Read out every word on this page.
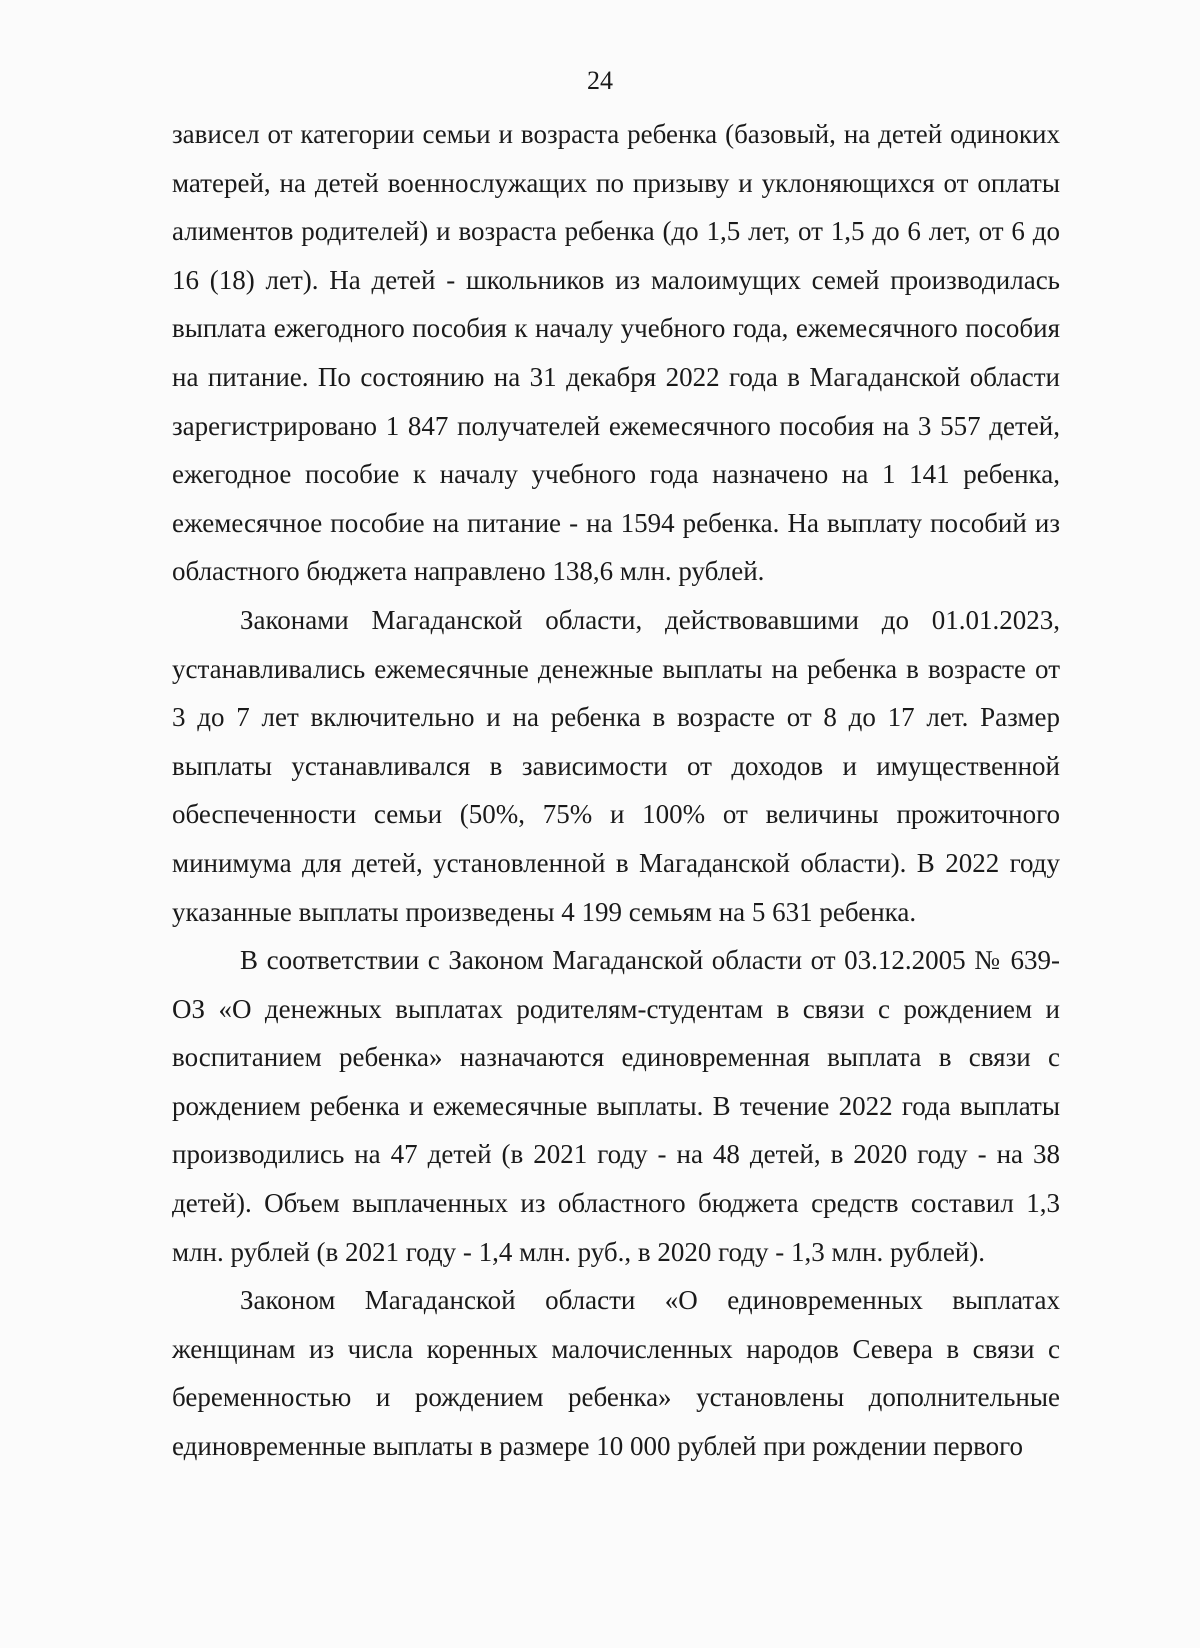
24

зависел от категории семьи и возраста ребенка (базовый, на детей одиноких матерей, на детей военнослужащих по призыву и уклоняющихся от оплаты алиментов родителей) и возраста ребенка (до 1,5 лет, от 1,5 до 6 лет, от 6 до 16 (18) лет). На детей - школьников из малоимущих семей производилась выплата ежегодного пособия к началу учебного года, ежемесячного пособия на питание. По состоянию на 31 декабря 2022 года в Магаданской области зарегистрировано 1 847 получателей ежемесячного пособия на 3 557 детей, ежегодное пособие к началу учебного года назначено на 1 141 ребенка, ежемесячное пособие на питание - на 1594 ребенка. На выплату пособий из областного бюджета направлено 138,6 млн. рублей.

Законами Магаданской области, действовавшими до 01.01.2023, устанавливались ежемесячные денежные выплаты на ребенка в возрасте от 3 до 7 лет включительно и на ребенка в возрасте от 8 до 17 лет. Размер выплаты устанавливался в зависимости от доходов и имущественной обеспеченности семьи (50%, 75% и 100% от величины прожиточного минимума для детей, установленной в Магаданской области). В 2022 году указанные выплаты произведены 4 199 семьям на 5 631 ребенка.

В соответствии с Законом Магаданской области от 03.12.2005 № 639-ОЗ «О денежных выплатах родителям-студентам в связи с рождением и воспитанием ребенка» назначаются единовременная выплата в связи с рождением ребенка и ежемесячные выплаты. В течение 2022 года выплаты производились на 47 детей (в 2021 году - на 48 детей, в 2020 году - на 38 детей). Объем выплаченных из областного бюджета средств составил 1,3 млн. рублей (в 2021 году - 1,4 млн. руб., в 2020 году - 1,3 млн. рублей).

Законом Магаданской области «О единовременных выплатах женщинам из числа коренных малочисленных народов Севера в связи с беременностью и рождением ребенка» установлены дополнительные единовременные выплаты в размере 10 000 рублей при рождении первого
